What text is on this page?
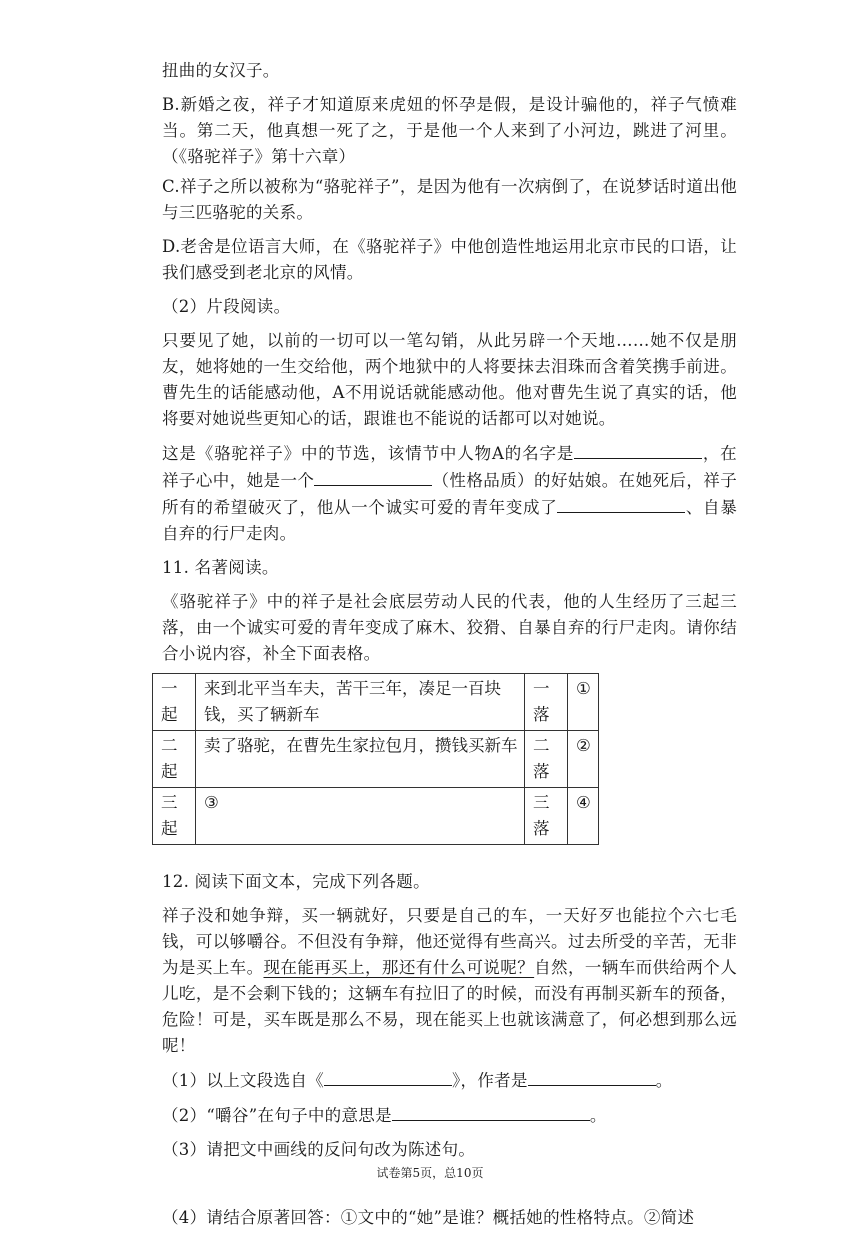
扭曲的女汉子。

B.新婚之夜，祥子才知道原来虎妞的怀孕是假，是设计骗他的，祥子气愤难当。第二天，他真想一死了之，于是他一个人来到了小河边，跳进了河里。（《骆驼祥子》第十六章）

C.祥子之所以被称为“骆驼祥子”，是因为他有一次病倒了，在说梦话时道出他与三匹骆驼的关系。

D.老舍是位语言大师，在《骆驼祥子》中他创造性地运用北京市民的口语，让我们感受到老北京的风情。

（2）片段阅读。

只要见了她，以前的一切可以一笔勾销，从此另辟一个天地……她不仅是朋友，她将她的一生交给他，两个地狱中的人将要抹去泪珠而含着笑携手前进。曹先生的话能感动他，A不用说话就能感动他。他对曹先生说了真实的话，他将要对她说些更知心的话，跟谁也不能说的话都可以对她说。

这是《骆驼祥子》中的节选，该情节中人物A的名字是	，在祥子心中，她是一个	（性格品质）的好姑娘。在她死后，祥子所有的希望破灭了，他从一个诚实可爱的青年变成了	、自暴自弃的行尸走肉。

11. 名著阅读。

《骆驼祥子》中的祥子是社会底层劳动人民的代表，他的人生经历了三起三落，由一个诚实可爱的青年变成了麻木、狡猾、自暴自弃的行尸走肉。请你结合小说内容，补全下面表格。

一起	来到北平当车夫，苦干三年，凑足一百块钱，买了辆新车	一落	①
二起	卖了骆驼，在曹先生家拉包月，攒钱买新车	二落	②
三起	③	三落	④

12. 阅读下面文本，完成下列各题。

祥子没和她争辩，买一辆就好，只要是自己的车，一天好歹也能拉个六七毛钱，可以够嚼谷。不但没有争辩，他还觉得有些高兴。过去所受的辛苦，无非为是买上车。现在能再买上，那还有什么可说呢？自然，一辆车而供给两个人儿吃，是不会剩下钱的；这辆车有拉旧了的时候，而没有再制买新车的预备，危险！可是，买车既是那么不易，现在能买上也就该满意了，何必想到那么远呢！

（1）以上文段选自《	》，作者是	。

（2）“嚼谷”在句子中的意思是	。

（3）请把文中画线的反问句改为陈述句。

（4）请结合原著回答：①文中的“她”是谁？概括她的性格特点。②简述

试卷第5页，总10页
